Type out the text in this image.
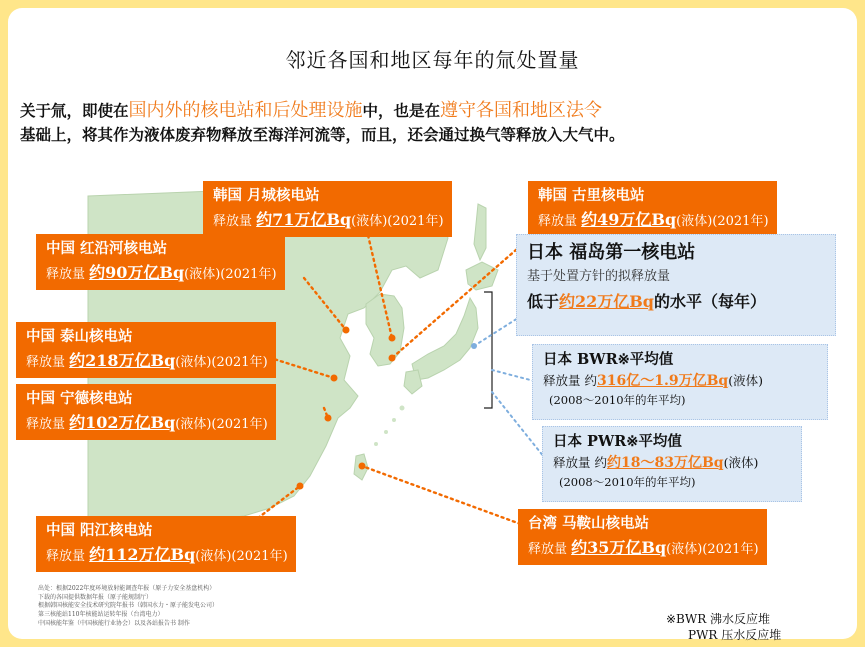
邻近各国和地区每年的氚处置量
关于氚，即使在国内外的核电站和后处理设施中，也是在遵守各国和地区法令
基础上，将其作为液体废弃物释放至海洋河流等，而且，还会通过换气等释放入大气中。
韩国 月城核电站
释放量 约71万亿Bq(液体)(2021年)
韩国 古里核电站
释放量 约49万亿Bq(液体)(2021年)
中国 红沿河核电站
释放量 约90万亿Bq(液体)(2021年)
中国 泰山核电站
释放量 约218万亿Bq(液体)(2021年)
中国 宁德核电站
释放量 约102万亿Bq(液体)(2021年)
中国 阳江核电站
释放量 约112万亿Bq(液体)(2021年)
台湾 马鞍山核电站
释放量 约35万亿Bq(液体)(2021年)
日本 福岛第一核电站
基于处置方针的拟释放量
低于约22万亿Bq的水平（每年）
日本 BWR※平均值
释放量 约316亿～1.9万亿Bq(液体)
(2008～2010年的年平均)
日本 PWR※平均值
释放量 约约18～83万亿Bq(液体)
(2008～2010年的年平均)
出处：根据2022年度环境放射能调查年报（原子力安全基盘机构）
下载的各国提供数据年报（原子能规制厅）
根据韩国核能安全技术研究院年报书（韩国水力・原子能发电公司）
第三核能站110年核能站运转年报（台湾电力）
中国核能年鉴（中国核能行业协会）以及各站报告书 制作	※BWR 沸水反应堆
PWR 压水反应堆
